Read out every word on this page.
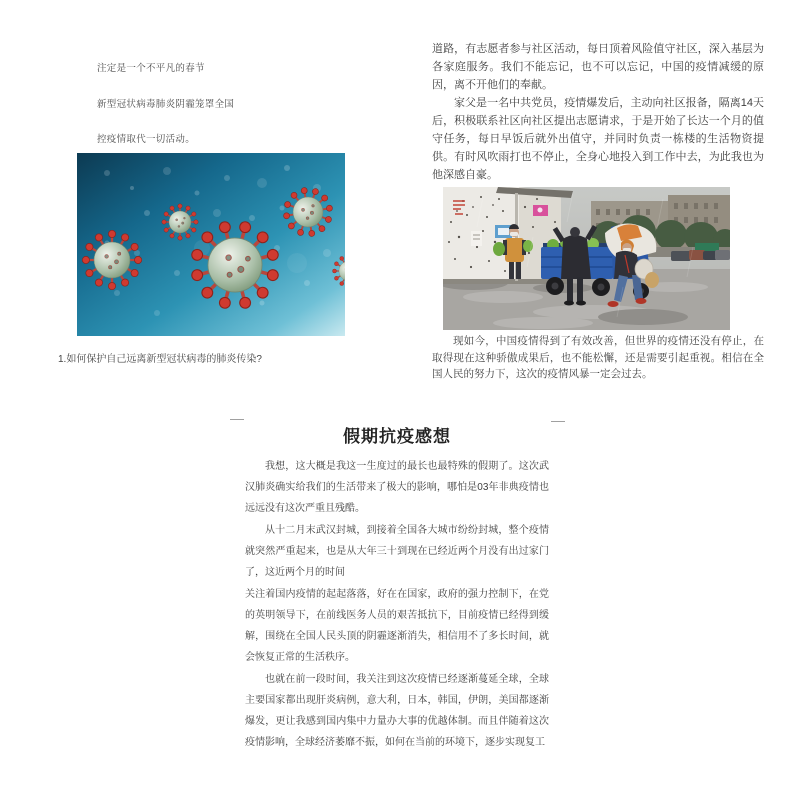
注定是一个不平凡的春节

新型冠状病毒肺炎阴霾笼罩全国

控疫情取代一切活动。

1.如何保护自己远离新型冠状病毒的肺炎传染?

道路，有志愿者参与社区活动，每日顶着风险值守社区，深入基层为各家庭服务。我们不能忘记，也不可以忘记，中国的疫情减缓的原因，离不开他们的奉献。

家父是一名中共党员，疫情爆发后，主动向社区报备，隔离14天后，积极联系社区向社区提出志愿请求，于是开始了长达一个月的值守任务，每日早饭后就外出值守，并同时负责一栋楼的生活物资提供。有时风吹雨打也不停止，全身心地投入到工作中去，为此我也为他深感自豪。

现如今，中国疫情得到了有效改善，但世界的疫情还没有停止，在取得现在这种骄傲成果后，也不能松懈，还是需要引起重视。相信在全国人民的努力下，这次的疫情风暴一定会过去。

—	—
假期抗疫感想

我想，这大概是我这一生度过的最长也最特殊的假期了。这次武汉肺炎确实给我们的生活带来了极大的影响，哪怕是03年非典疫情也远远没有这次严重且残酷。

从十二月末武汉封城，到接着全国各大城市纷纷封城，整个疫情就突然严重起来，也是从大年三十到现在已经近两个月没有出过家门了，这近两个月的时间

关注着国内疫情的起起落落，好在在国家，政府的强力控制下，在党的英明领导下，在前线医务人员的艰苦抵抗下，目前疫情已经得到缓解，围绕在全国人民头顶的阴霾逐渐消失，相信用不了多长时间，就会恢复正常的生活秩序。

也就在前一段时间，我关注到这次疫情已经逐渐蔓延全球，全球主要国家都出现肝炎病例，意大利，日本，韩国，伊朗，美国都逐渐爆发，更让我感到国内集中力量办大事的优越体制。而且伴随着这次疫情影响，全球经济萎靡不振，如何在当前的环境下，逐步实现复工
